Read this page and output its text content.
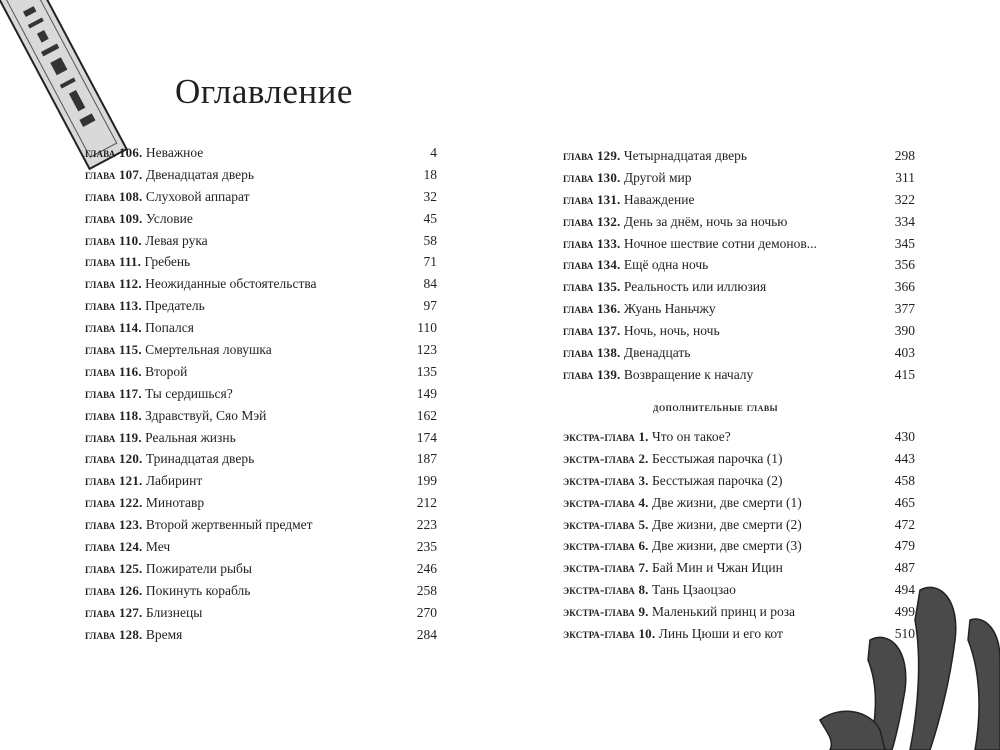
Оглавление
глава 106. Неважное	4
глава 107. Двенадцатая дверь	18
глава 108. Слуховой аппарат	32
глава 109. Условие	45
глава 110. Левая рука	58
глава 111. Гребень	71
глава 112. Неожиданные обстоятельства	84
глава 113. Предатель	97
глава 114. Попался	110
глава 115. Смертельная ловушка	123
глава 116. Второй	135
глава 117. Ты сердишься?	149
глава 118. Здравствуй, Сяо Мэй	162
глава 119. Реальная жизнь	174
глава 120. Тринадцатая дверь	187
глава 121. Лабиринт	199
глава 122. Минотавр	212
глава 123. Второй жертвенный предмет	223
глава 124. Меч	235
глава 125. Пожиратели рыбы	246
глава 126. Покинуть корабль	258
глава 127. Близнецы	270
глава 128. Время	284
глава 129. Четырнадцатая дверь	298
глава 130. Другой мир	311
глава 131. Наваждение	322
глава 132. День за днём, ночь за ночью	334
глава 133. Ночное шествие сотни демонов...	345
глава 134. Ещё одна ночь	356
глава 135. Реальность или иллюзия	366
глава 136. Жуань Наньчжу	377
глава 137. Ночь, ночь, ночь	390
глава 138. Двенадцать	403
глава 139. Возвращение к началу	415
дополнительные главы
экстра-глава 1. Что он такое?	430
экстра-глава 2. Бесстыжая парочка (1)	443
экстра-глава 3. Бесстыжая парочка (2)	458
экстра-глава 4. Две жизни, две смерти (1)	465
экстра-глава 5. Две жизни, две смерти (2)	472
экстра-глава 6. Две жизни, две смерти (3)	479
экстра-глава 7. Бай Мин и Чжан Ицин	487
экстра-глава 8. Тань Цзаоцзао	494
экстра-глава 9. Маленький принц и роза	499
экстра-глава 10. Линь Цюши и его кот	510
